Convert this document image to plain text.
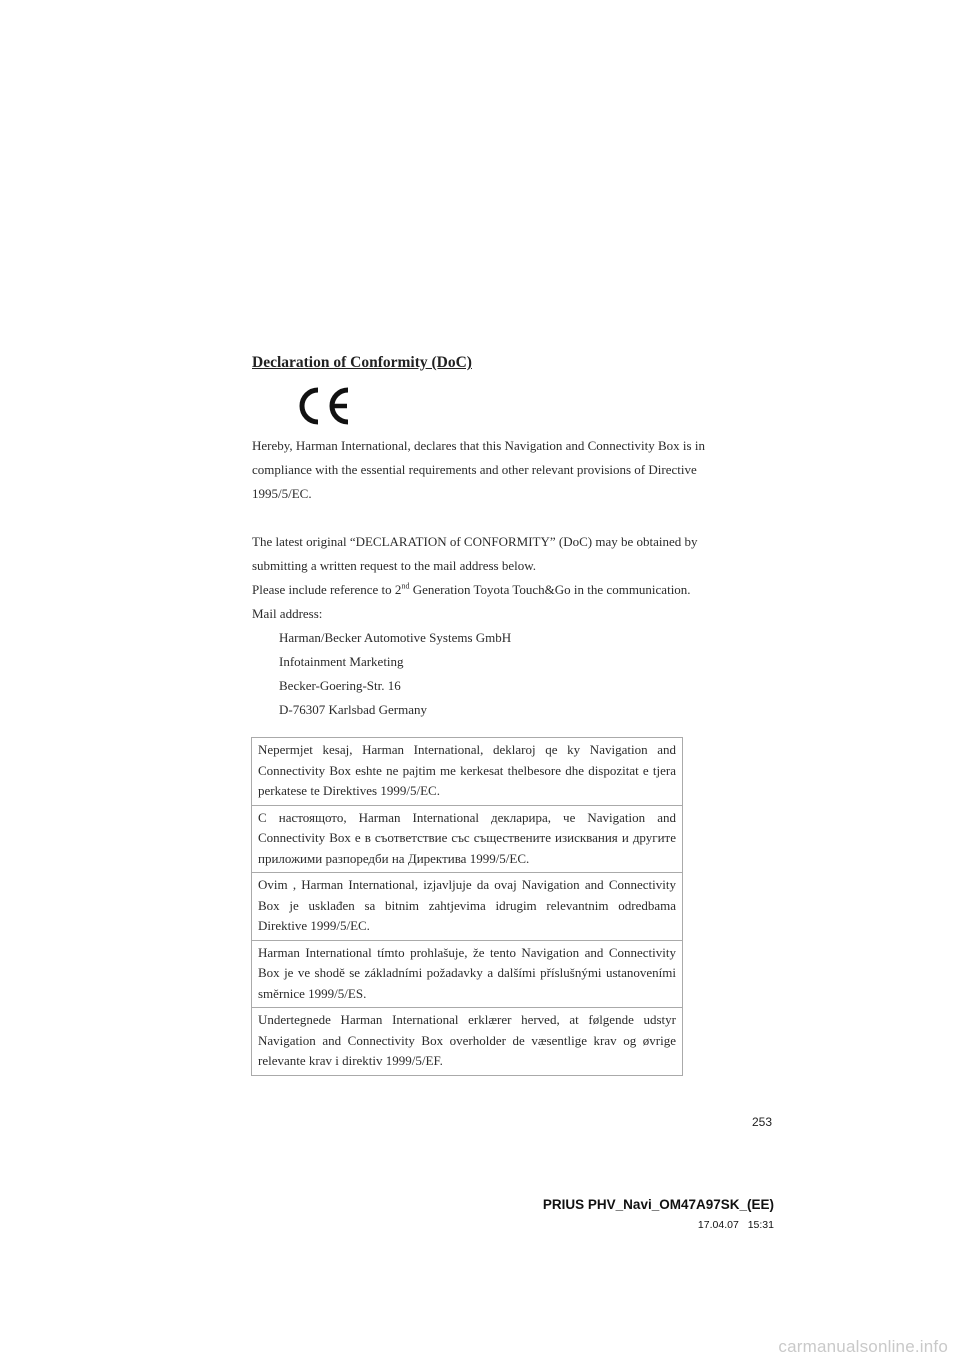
Declaration of Conformity (DoC)
Hereby, Harman International, declares that this Navigation and Connectivity Box is in
compliance with the essential requirements and other relevant provisions of Directive
1995/5/EC.
The latest original “DECLARATION of CONFORMITY” (DoC) may be obtained by
submitting a written request to the mail address below.
Please include reference to 2nd Generation Toyota Touch&Go in the communication.
Mail address:
Harman/Becker Automotive Systems GmbH
Infotainment Marketing
Becker-Goering-Str. 16
D-76307 Karlsbad Germany
Nepermjet kesaj, Harman International, deklaroj qe ky Navigation and Connectivity Box eshte ne pajtim me kerkesat thelbesore dhe dispozitat e tjera perkatese te Direktives 1999/5/EC.
С настоящото, Harman International декларира, че Navigation and Connectivity Box е в съответствие със съществените изисквания и другите приложими разпоредби на Директива 1999/5/ЕС.
Ovim , Harman International, izjavljuje da ovaj Navigation and Connectivity Box je usklađen sa bitnim zahtjevima idrugim relevantnim odredbama Direktive 1999/5/EC.
Harman International tímto prohlašuje, že tento Navigation and Connectivity Box je ve shodě se základními požadavky a dalšími příslušnými ustanoveními směrnice 1999/5/ES.
Undertegnede Harman International erklærer herved, at følgende udstyr Navigation and Connectivity Box overholder de væsentlige krav og øvrige relevante krav i direktiv 1999/5/EF.
253
PRIUS PHV_Navi_OM47A97SK_(EE)
17.04.07 15:31
carmanualsonline.info
